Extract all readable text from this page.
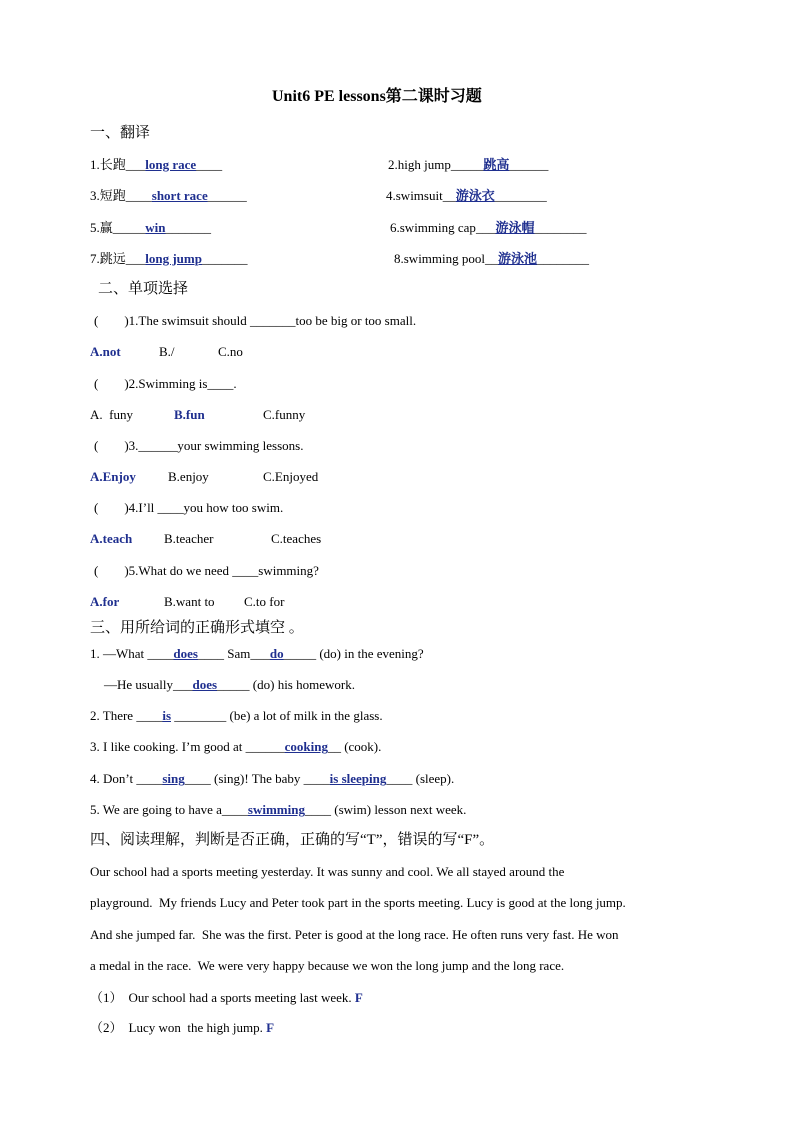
Unit6 PE lessons第二课时习题
一、翻译
1.长跑___long race____	2.high jump_____跳高______
3.短跑____short race______	4.swimsuit__游泳衣________
5.赢_____win_______	6.swimming cap___游泳帽________
7.跳远___long jump_______	8.swimming pool__游泳池________
二、单项选择
(　　)1.The swimsuit should _______too be big or too small.
A.not	B./	C.no
(　　)2.Swimming is____.
A.  funy	B.fun	C.funny
(　　)3.______your swimming lessons.
A.Enjoy B.enjoy	C.Enjoyed
(　　)4.I’ll ____you how too swim.
A.teach B.teacher	C.teaches
(　　)5.What do we need ____swimming?
A.for	B.want to C.to for
三、用所给词的正确形式填空 。
1. —What ____does____ Sam___do_____ (do) in the evening?
—He usually___does_____ (do) his homework.
2. There ____is ________ (be) a lot of milk in the glass.
3. I like cooking. I’m good at ______cooking__ (cook).
4. Don’t ____sing____ (sing)! The baby ____is sleeping____ (sleep).
5. We are going to have a____swimming____ (swim) lesson next week.
四、阅读理解，判断是否正确，正确的写“T”，错误的写“F”。
Our school had a sports meeting yesterday. It was sunny and cool. We all stayed around the
playground.  My friends Lucy and Peter took part in the sports meeting. Lucy is good at the long jump.
And she jumped far.  She was the first. Peter is good at the long race. He often runs very fast. He won
a medal in the race.  We were very happy because we won the long jump and the long race.
（1） Our school had a sports meeting last week. F
（2） Lucy won  the high jump. F
